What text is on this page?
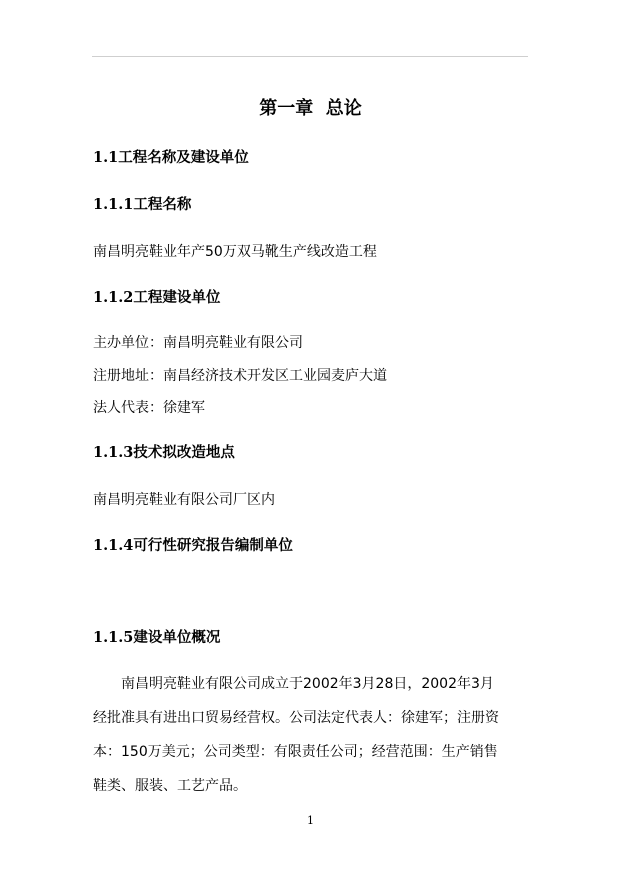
第一章  总论
1.1工程名称及建设单位
1.1.1工程名称
南昌明亮鞋业年产50万双马靴生产线改造工程
1.1.2工程建设单位
主办单位：南昌明亮鞋业有限公司
注册地址：南昌经济技术开发区工业园麦庐大道
法人代表：徐建军
1.1.3技术拟改造地点
南昌明亮鞋业有限公司厂区内
1.1.4可行性研究报告编制单位
1.1.5建设单位概况
南昌明亮鞋业有限公司成立于2002年3月28日，2002年3月
经批准具有进出口贸易经营权。公司法定代表人：徐建军；注册资
本：150万美元；公司类型：有限责任公司；经营范围：生产销售
鞋类、服装、工艺产品。
1
